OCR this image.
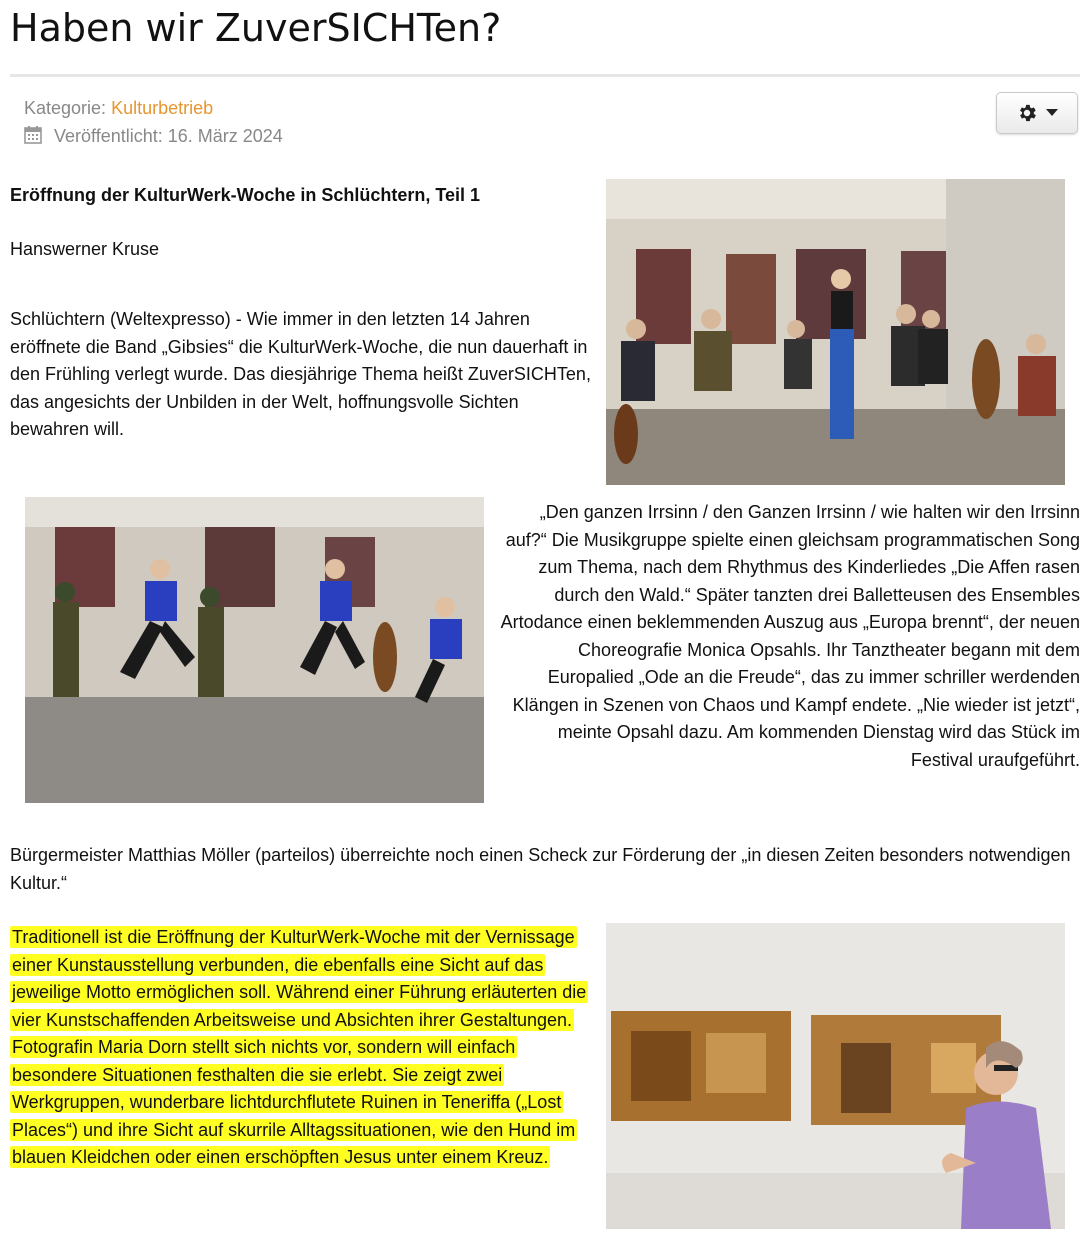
Haben wir ZuverSICHTen?
Kategorie: Kulturbetrieb
Veröffentlicht: 16. März 2024
Eröffnung der KulturWerk-Woche in Schlüchtern, Teil 1
Hanswerner Kruse
Schlüchtern (Weltexpresso) - Wie immer in den letzten 14 Jahren eröffnete die Band „Gibsies“ die KulturWerk-Woche, die nun dauerhaft in den Frühling verlegt wurde. Das diesjährige Thema heißt ZuverSICHTen, das angesichts der Unbilden in der Welt, hoffnungsvolle Sichten bewahren will.
„Den ganzen Irrsinn / den Ganzen Irrsinn / wie halten wir den Irrsinn auf?“ Die Musikgruppe spielte einen gleichsam programmatischen Song zum Thema, nach dem Rhythmus des Kinderliedes „Die Affen rasen durch den Wald.“ Später tanzten drei Balletteusen des Ensembles Artodance einen beklemmenden Auszug aus „Europa brennt“, der neuen Choreografie Monica Opsahls. Ihr Tanztheater begann mit dem Europalied „Ode an die Freude“, das zu immer schriller werdenden Klängen in Szenen von Chaos und Kampf endete. „Nie wieder ist jetzt“, meinte Opsahl dazu. Am kommenden Dienstag wird das Stück im Festival uraufgeführt.
Bürgermeister Matthias Möller (parteilos) überreichte noch einen Scheck zur Förderung der „in diesen Zeiten besonders notwendigen Kultur.“
Traditionell ist die Eröffnung der KulturWerk-Woche mit der Vernissage einer Kunstausstellung verbunden, die ebenfalls eine Sicht auf das jeweilige Motto ermöglichen soll. Während einer Führung erläuterten die vier Kunstschaffenden Arbeitsweise und Absichten ihrer Gestaltungen. Fotografin Maria Dorn stellt sich nichts vor, sondern will einfach besondere Situationen festhalten die sie erlebt. Sie zeigt zwei Werkgruppen, wunderbare lichtdurchflutete Ruinen in Teneriffa („Lost Places“) und ihre Sicht auf skurrile Alltagssituationen, wie den Hund im blauen Kleidchen oder einen erschöpften Jesus unter einem Kreuz.
